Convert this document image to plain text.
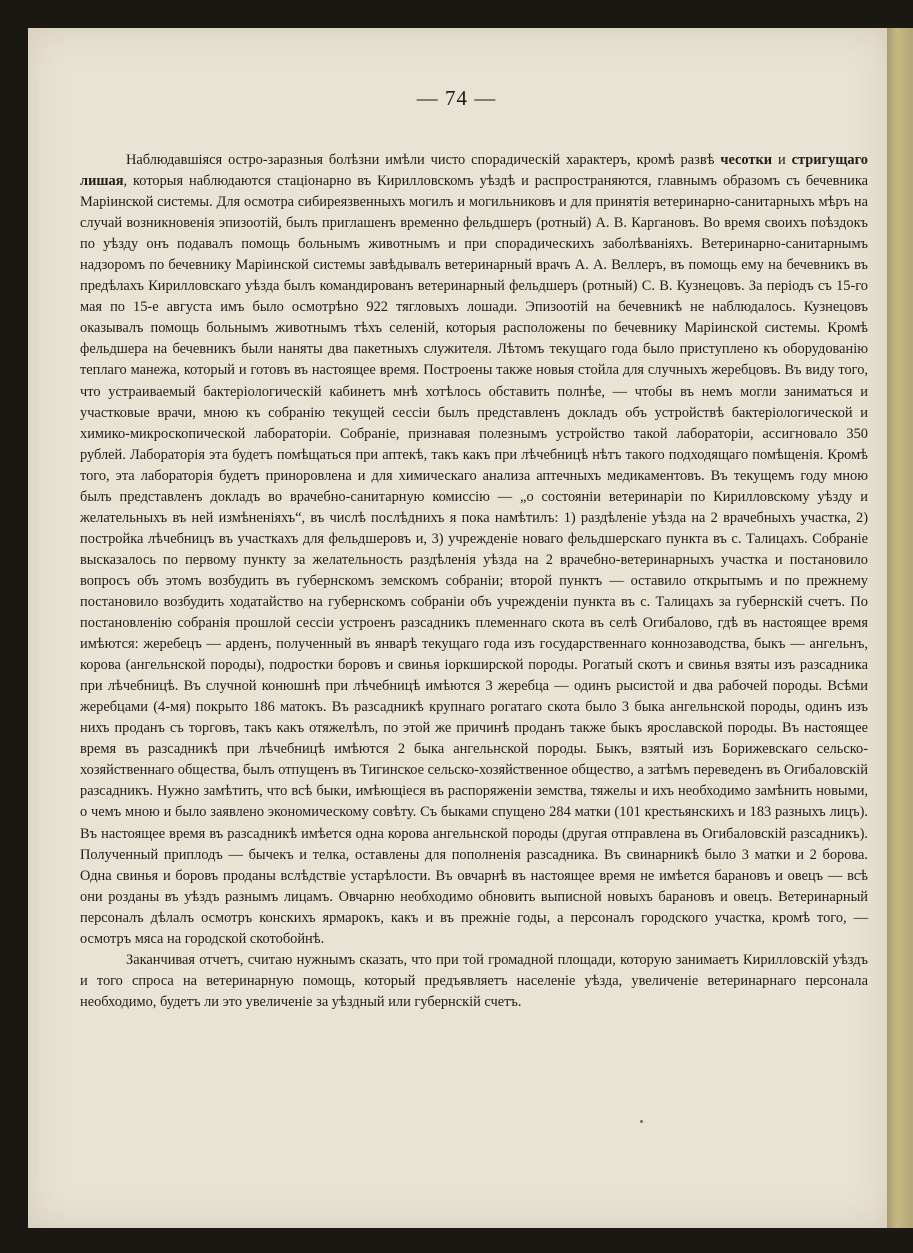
— 74 —

Наблюдавшіяся остро-заразныя болѣзни имѣли чисто спорадическій характеръ, кромѣ развѣ чесотки и стригущаго лишая, которыя наблюдаются стаціонарно въ Кирилловскомъ уѣздѣ и распространяются, главнымъ образомъ съ бечевника Маріинской системы. Для осмотра сибиреязвенныхъ могилъ и могильниковъ и для принятія ветеринарно-санитарныхъ мѣръ на случай возникновенія эпизоотій, былъ приглашенъ временно фельдшеръ (ротный) А. В. Каргановъ. Во время своихъ поѣздокъ по уѣзду онъ подавалъ помощь больнымъ животнымъ и при спорадическихъ заболѣваніяхъ. Ветеринарно-санитарнымъ надзоромъ по бечевнику Маріинской системы завѣдывалъ ветеринарный врачъ А. А. Веллеръ, въ помощь ему на бечевникъ въ предѣлахъ Кирилловскаго уѣзда былъ командированъ ветеринарный фельдшеръ (ротный) С. В. Кузнецовъ. За періодъ съ 15-го мая по 15-е августа имъ было осмотрѣно 922 тягловыхъ лошади. Эпизоотій на бечевникѣ не наблюдалось. Кузнецовъ оказывалъ помощь больнымъ животнымъ тѣхъ селеній, которыя расположены по бечевнику Маріинской системы. Кромѣ фельдшера на бечевникъ были наняты два пакетныхъ служителя. Лѣтомъ текущаго года было приступлено къ оборудованію теплаго манежа, который и готовъ въ настоящее время. Построены также новыя стойла для случныхъ жеребцовъ. Въ виду того, что устраиваемый бактеріологическій кабинетъ мнѣ хотѣлось обставить полнѣе, — чтобы въ немъ могли заниматься и участковые врачи, мною къ собранію текущей сессіи былъ представленъ докладъ объ устройствѣ бактеріологической и химико-микроскопической лабораторіи. Собраніе, признавая полезнымъ устройство такой лабораторіи, ассигновало 350 рублей. Лабораторія эта будетъ помѣщаться при аптекѣ, такъ какъ при лѣчебницѣ нѣтъ такого подходящаго помѣщенія. Кромѣ того, эта лабораторія будетъ приноровлена и для химическаго анализа аптечныхъ медикаментовъ. Въ текущемъ году мною былъ представленъ докладъ во врачебно-санитарную комиссію — „о состояніи ветеринаріи по Кирилловскому уѣзду и желательныхъ въ ней измѣненіяхъ“, въ числѣ послѣднихъ я пока намѣтилъ: 1) раздѣленіе уѣзда на 2 врачебныхъ участка, 2) постройка лѣчебницъ въ участкахъ для фельдшеровъ и, 3) учрежденіе новаго фельдшерскаго пункта въ с. Талицахъ. Собраніе высказалось по первому пункту за желательность раздѣленія уѣзда на 2 врачебно-ветеринарныхъ участка и постановило вопросъ объ этомъ возбудить въ губернскомъ земскомъ собраніи; второй пунктъ — оставило открытымъ и по прежнему постановило возбудить ходатайство на губернскомъ собраніи объ учрежденіи пункта въ с. Талицахъ за губернскій счетъ. По постановленію собранія прошлой сессіи устроенъ разсадникъ племеннаго скота въ селѣ Огибалово, гдѣ въ настоящее время имѣются: жеребецъ — арденъ, полученный въ январѣ текущаго года изъ государственнаго коннозаводства, быкъ — ангельнъ, корова (ангельнской породы), подростки боровъ и свинья іоркширской породы. Рогатый скотъ и свинья взяты изъ разсадника при лѣчебницѣ. Въ случной конюшнѣ при лѣчебницѣ имѣются 3 жеребца — одинъ рысистой и два рабочей породы. Всѣми жеребцами (4-мя) покрыто 186 матокъ. Въ разсадникѣ крупнаго рогатаго скота было 3 быка ангельнской породы, одинъ изъ нихъ проданъ съ торговъ, такъ какъ отяжелѣлъ, по этой же причинѣ проданъ также быкъ ярославской породы. Въ настоящее время въ разсадникѣ при лѣчебницѣ имѣются 2 быка ангельнской породы. Быкъ, взятый изъ Борижевскаго сельско-хозяйственнаго общества, былъ отпущенъ въ Тигинское сельско-хозяйственное общество, а затѣмъ переведенъ въ Огибаловскій разсадникъ. Нужно замѣтить, что всѣ быки, имѣющіеся въ распоряженіи земства, тяжелы и ихъ необходимо замѣнить новыми, о чемъ мною и было заявлено экономическому совѣту. Съ быками спущено 284 матки (101 крестьянскихъ и 183 разныхъ лицъ). Въ настоящее время въ разсадникѣ имѣется одна корова ангельнской породы (другая отправлена въ Огибаловскій разсадникъ). Полученный приплодъ — бычекъ и телка, оставлены для пополненія разсадника. Въ свинарникѣ было 3 матки и 2 борова. Одна свинья и боровъ проданы вслѣдствіе устарѣлости. Въ овчарнѣ въ настоящее время не имѣется барановъ и овецъ — всѣ они розданы въ уѣздъ разнымъ лицамъ. Овчарню необходимо обновить выписной новыхъ барановъ и овецъ. Ветеринарный персоналъ дѣлалъ осмотръ конскихъ ярмарокъ, какъ и въ прежніе годы, а персоналъ городского участка, кромѣ того, — осмотръ мяса на городской скотобойнѣ.

Заканчивая отчетъ, считаю нужнымъ сказать, что при той громадной площади, которую занимаетъ Кирилловскій уѣздъ и того спроса на ветеринарную помощь, который предъявляетъ населеніе уѣзда, увеличеніе ветеринарнаго персонала необходимо, будетъ ли это увеличеніе за уѣздный или губернскій счетъ.
